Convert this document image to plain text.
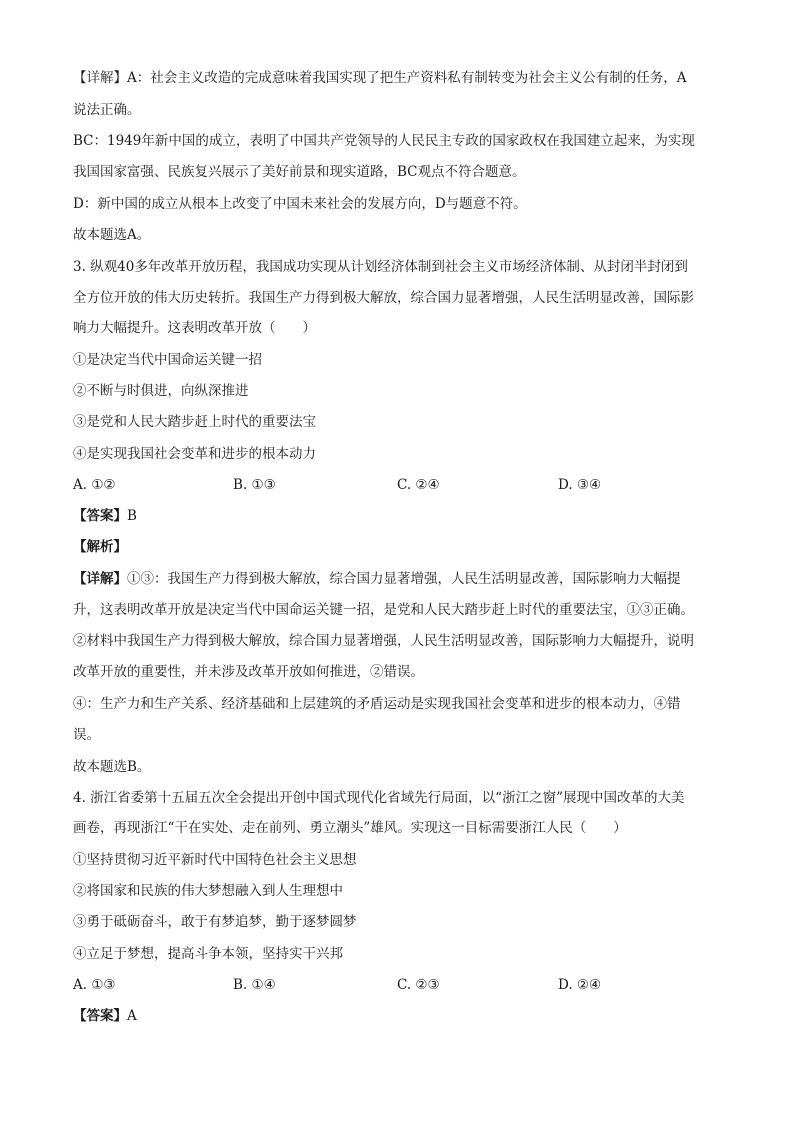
【详解】A：社会主义改造的完成意味着我国实现了把生产资料私有制转变为社会主义公有制的任务，A
说法正确。
BC：1949年新中国的成立，表明了中国共产党领导的人民民主专政的国家政权在我国建立起来，为实现
我国国家富强、民族复兴展示了美好前景和现实道路，BC观点不符合题意。
D：新中国的成立从根本上改变了中国未来社会的发展方向，D与题意不符。
故本题选A。
3. 纵观40多年改革开放历程，我国成功实现从计划经济体制到社会主义市场经济体制、从封闭半封闭到
全方位开放的伟大历史转折。我国生产力得到极大解放，综合国力显著增强，人民生活明显改善，国际影
响力大幅提升。这表明改革开放（　　）
①是决定当代中国命运关键一招
②不断与时俱进，向纵深推进
③是党和人民大踏步赶上时代的重要法宝
④是实现我国社会变革和进步的根本动力
A. ①②	B. ①③	C. ②④	D. ③④
【答案】B
【解析】
【详解】①③：我国生产力得到极大解放，综合国力显著增强，人民生活明显改善，国际影响力大幅提
升，这表明改革开放是决定当代中国命运关键一招，是党和人民大踏步赶上时代的重要法宝，①③正确。
②材料中我国生产力得到极大解放，综合国力显著增强，人民生活明显改善，国际影响力大幅提升，说明
改革开放的重要性，并未涉及改革开放如何推进，②错误。
④：生产力和生产关系、经济基础和上层建筑的矛盾运动是实现我国社会变革和进步的根本动力，④错
误。
故本题选B。
4. 浙江省委第十五届五次全会提出开创中国式现代化省域先行局面，以“浙江之窗”展现中国改革的大美
画卷，再现浙江“干在实处、走在前列、勇立潮头”雄风。实现这一目标需要浙江人民（　　）
①坚持贯彻习近平新时代中国特色社会主义思想
②将国家和民族的伟大梦想融入到人生理想中
③勇于砥砺奋斗，敢于有梦追梦，勤于逐梦圆梦
④立足于梦想，提高斗争本领，坚持实干兴邦
A. ①③	B. ①④	C. ②③	D. ②④
【答案】A
